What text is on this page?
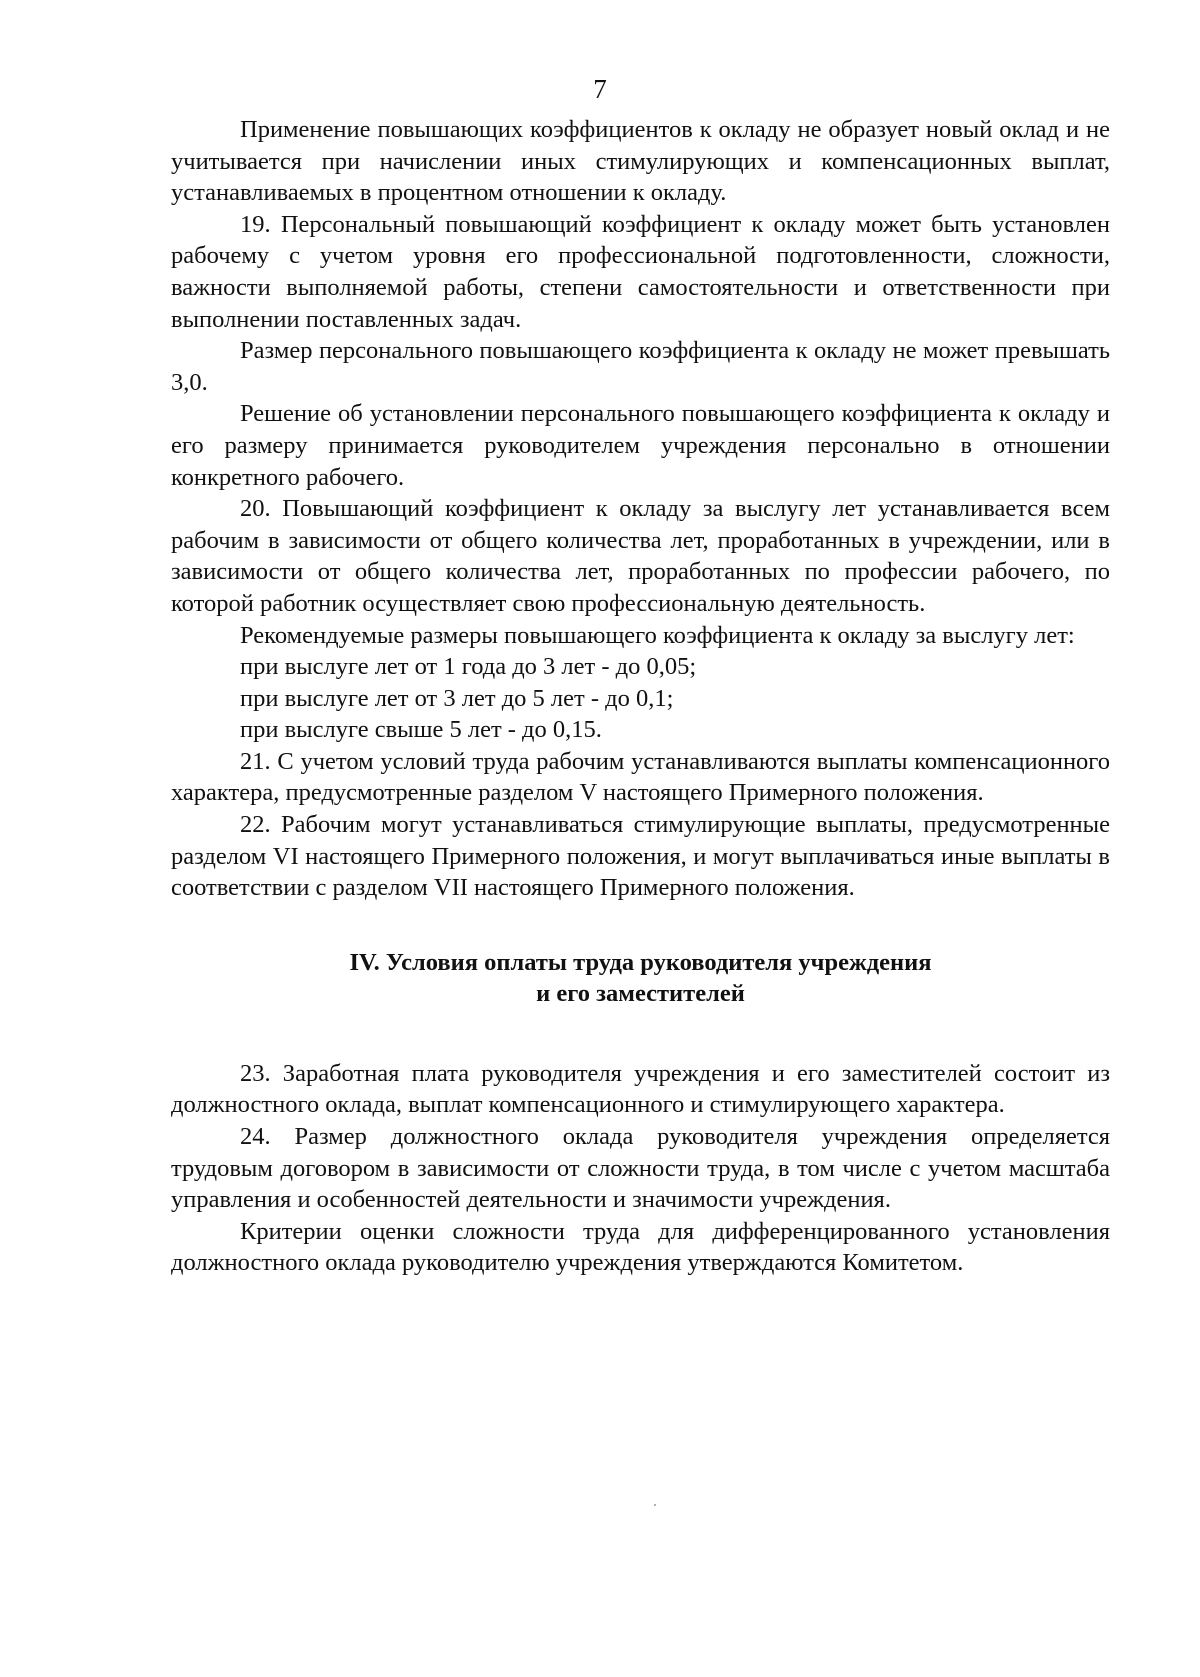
7

Применение повышающих коэффициентов к окладу не образует новый оклад и не учитывается при начислении иных стимулирующих и компенсационных выплат, устанавливаемых в процентном отношении к окладу.

19. Персональный повышающий коэффициент к окладу может быть установлен рабочему с учетом уровня его профессиональной подготовленности, сложности, важности выполняемой работы, степени самостоятельности и ответственности при выполнении поставленных задач.

Размер персонального повышающего коэффициента к окладу не может превышать 3,0.

Решение об установлении персонального повышающего коэффициента к окладу и его размеру принимается руководителем учреждения персонально в отношении конкретного рабочего.

20. Повышающий коэффициент к окладу за выслугу лет устанавливается всем рабочим в зависимости от общего количества лет, проработанных в учреждении, или в зависимости от общего количества лет, проработанных по профессии рабочего, по которой работник осуществляет свою профессиональную деятельность.

Рекомендуемые размеры повышающего коэффициента к окладу за выслугу лет:

при выслуге лет от 1 года до 3 лет - до 0,05;

при выслуге лет от 3 лет до 5 лет - до 0,1;

при выслуге свыше 5 лет - до 0,15.

21. С учетом условий труда рабочим устанавливаются выплаты компенсационного характера, предусмотренные разделом V настоящего Примерного положения.

22. Рабочим могут устанавливаться стимулирующие выплаты, предусмотренные разделом VI настоящего Примерного положения, и могут выплачиваться иные выплаты в соответствии с разделом VII настоящего Примерного положения.

IV. Условия оплаты труда руководителя учреждения
и его заместителей

23. Заработная плата руководителя учреждения и его заместителей состоит из должностного оклада, выплат компенсационного и стимулирующего характера.

24. Размер должностного оклада руководителя учреждения определяется трудовым договором в зависимости от сложности труда, в том числе с учетом масштаба управления и особенностей деятельности и значимости учреждения.

Критерии оценки сложности труда для дифференцированного установления должностного оклада руководителю учреждения утверждаются Комитетом.
